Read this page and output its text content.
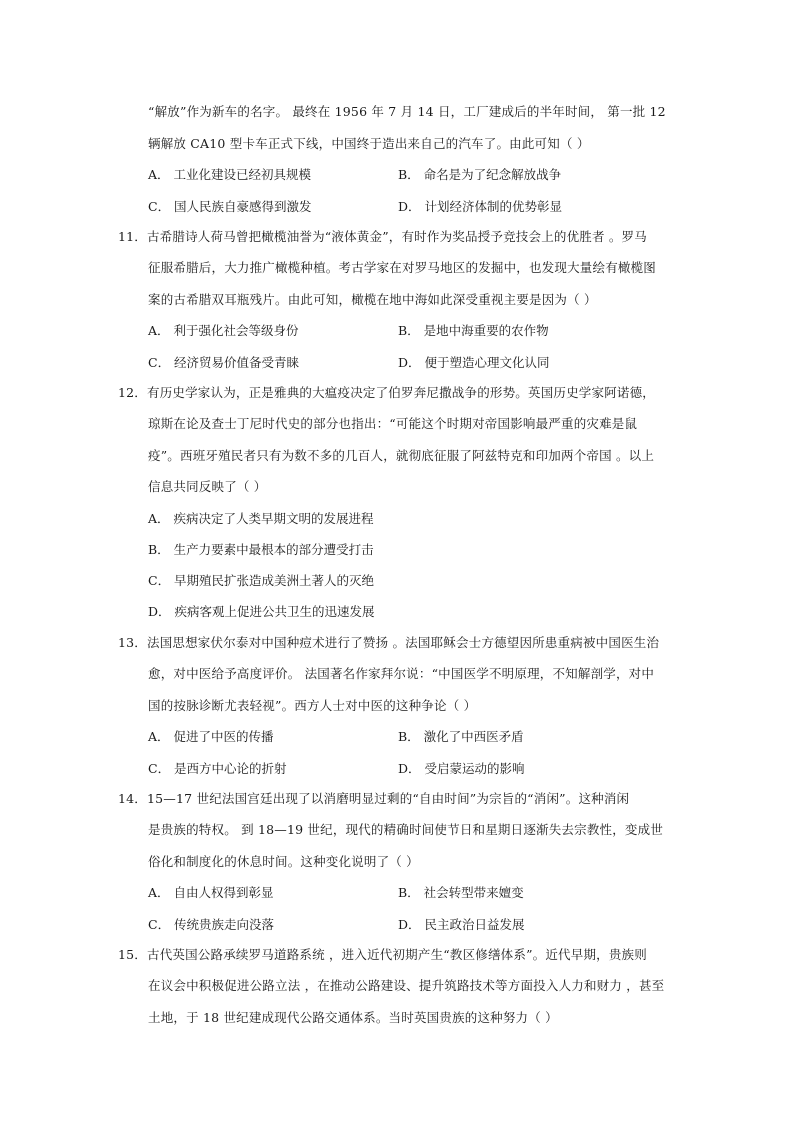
“解放”作为新车的名字。 最终在 1956 年 7 月 14 日，工厂建成后的半年时间， 第一批 12
辆解放 CA10 型卡车正式下线，中国终于造出来自己的汽车了。由此可知（ ）
A． 工业化建设已经初具规模	B． 命名是为了纪念解放战争
C． 国人民族自豪感得到激发	D． 计划经济体制的优势彰显
11．古希腊诗人荷马曾把橄榄油誉为“液体黄金”，有时作为奖品授予竞技会上的优胜者 。罗马
征服希腊后，大力推广橄榄种植。考古学家在对罗马地区的发掘中，也发现大量绘有橄榄图
案的古希腊双耳瓶残片。由此可知，橄榄在地中海如此深受重视主要是因为（ ）
A． 利于强化社会等级身份	B． 是地中海重要的农作物
C． 经济贸易价值备受青睐	D． 便于塑造心理文化认同
12．有历史学家认为，正是雅典的大瘟疫决定了伯罗奔尼撒战争的形势。英国历史学家阿诺德，
琼斯在论及查士丁尼时代史的部分也指出：“可能这个时期对帝国影响最严重的灾难是鼠
疫”。西班牙殖民者只有为数不多的几百人，就彻底征服了阿兹特克和印加两个帝国 。以上
信息共同反映了（ ）
A． 疾病决定了人类早期文明的发展进程
B． 生产力要素中最根本的部分遭受打击
C． 早期殖民扩张造成美洲土著人的灭绝
D． 疾病客观上促进公共卫生的迅速发展
13．法国思想家伏尔泰对中国种痘术进行了赞扬 。法国耶稣会士方德望因所患重病被中国医生治
愈，对中医给予高度评价。 法国著名作家拜尔说：“中国医学不明原理，不知解剖学，对中
国的按脉诊断尤表轻视”。西方人士对中医的这种争论（ ）
A． 促进了中医的传播	B． 激化了中西医矛盾
C． 是西方中心论的折射	D． 受启蒙运动的影响
14．15—17 世纪法国宫廷出现了以消磨明显过剩的“自由时间”为宗旨的“消闲”。这种消闲
是贵族的特权。 到 18—19 世纪，现代的精确时间使节日和星期日逐渐失去宗教性，变成世
俗化和制度化的休息时间。这种变化说明了（ ）
A． 自由人权得到彰显	B． 社会转型带来嬗变
C． 传统贵族走向没落	D． 民主政治日益发展
15．古代英国公路承续罗马道路系统 ，进入近代初期产生“教区修缮体系”。近代早期，贵族则
在议会中积极促进公路立法 ，在推动公路建设、提升筑路技术等方面投入人力和财力 ，甚至
土地，于 18 世纪建成现代公路交通体系。当时英国贵族的这种努力（ ）
